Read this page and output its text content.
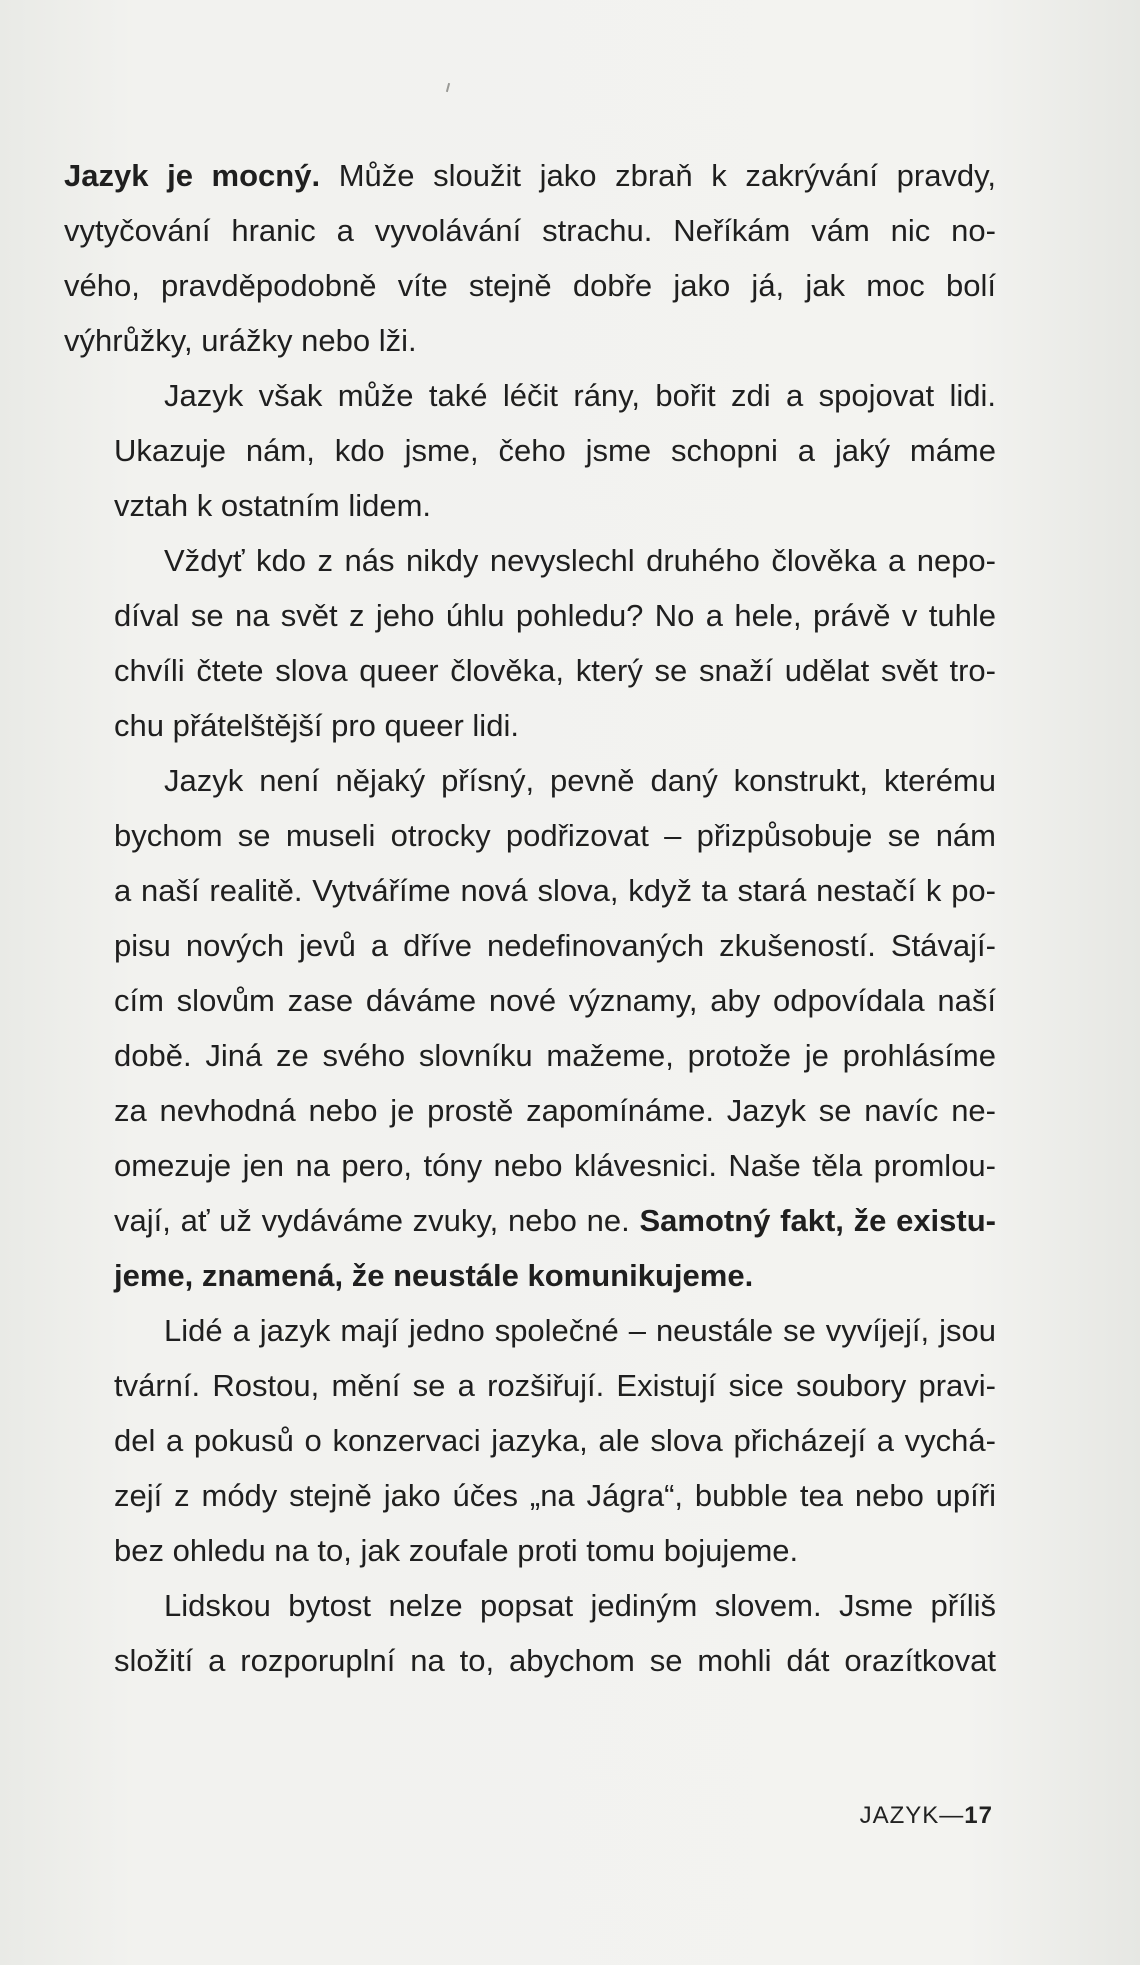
Jazyk je mocný. Může sloužit jako zbraň k zakrývání pravdy,
vytyčování hranic a vyvolávání strachu. Neříkám vám nic no-
vého, pravděpodobně víte stejně dobře jako já, jak moc bolí
výhrůžky, urážky nebo lži.

Jazyk však může také léčit rány, bořit zdi a spojovat lidi.
Ukazuje nám, kdo jsme, čeho jsme schopni a jaký máme
vztah k ostatním lidem.

Vždyť kdo z nás nikdy nevyslechl druhého člověka a nepo-
díval se na svět z jeho úhlu pohledu? No a hele, právě v tuhle
chvíli čtete slova queer člověka, který se snaží udělat svět tro-
chu přátelštější pro queer lidi.

Jazyk není nějaký přísný, pevně daný konstrukt, kterému
bychom se museli otrocky podřizovat – přizpůsobuje se nám
a naší realitě. Vytváříme nová slova, když ta stará nestačí k po-
pisu nových jevů a dříve nedefinovaných zkušeností. Stávají-
cím slovům zase dáváme nové významy, aby odpovídala naší
době. Jiná ze svého slovníku mažeme, protože je prohlásíme
za nevhodná nebo je prostě zapomínáme. Jazyk se navíc ne-
omezuje jen na pero, tóny nebo klávesnici. Naše těla promlou-
vají, ať už vydáváme zvuky, nebo ne. Samotný fakt, že existu-
jeme, znamená, že neustále komunikujeme.

Lidé a jazyk mají jedno společné – neustále se vyvíjejí, jsou
tvární. Rostou, mění se a rozšiřují. Existují sice soubory pravi-
del a pokusů o konzervaci jazyka, ale slova přicházejí a vychá-
zejí z módy stejně jako účes „na Jágra“, bubble tea nebo upíři
bez ohledu na to, jak zoufale proti tomu bojujeme.

Lidskou bytost nelze popsat jediným slovem. Jsme příliš
složití a rozporuplní na to, abychom se mohli dát orazítkovat

JAZYK—17
